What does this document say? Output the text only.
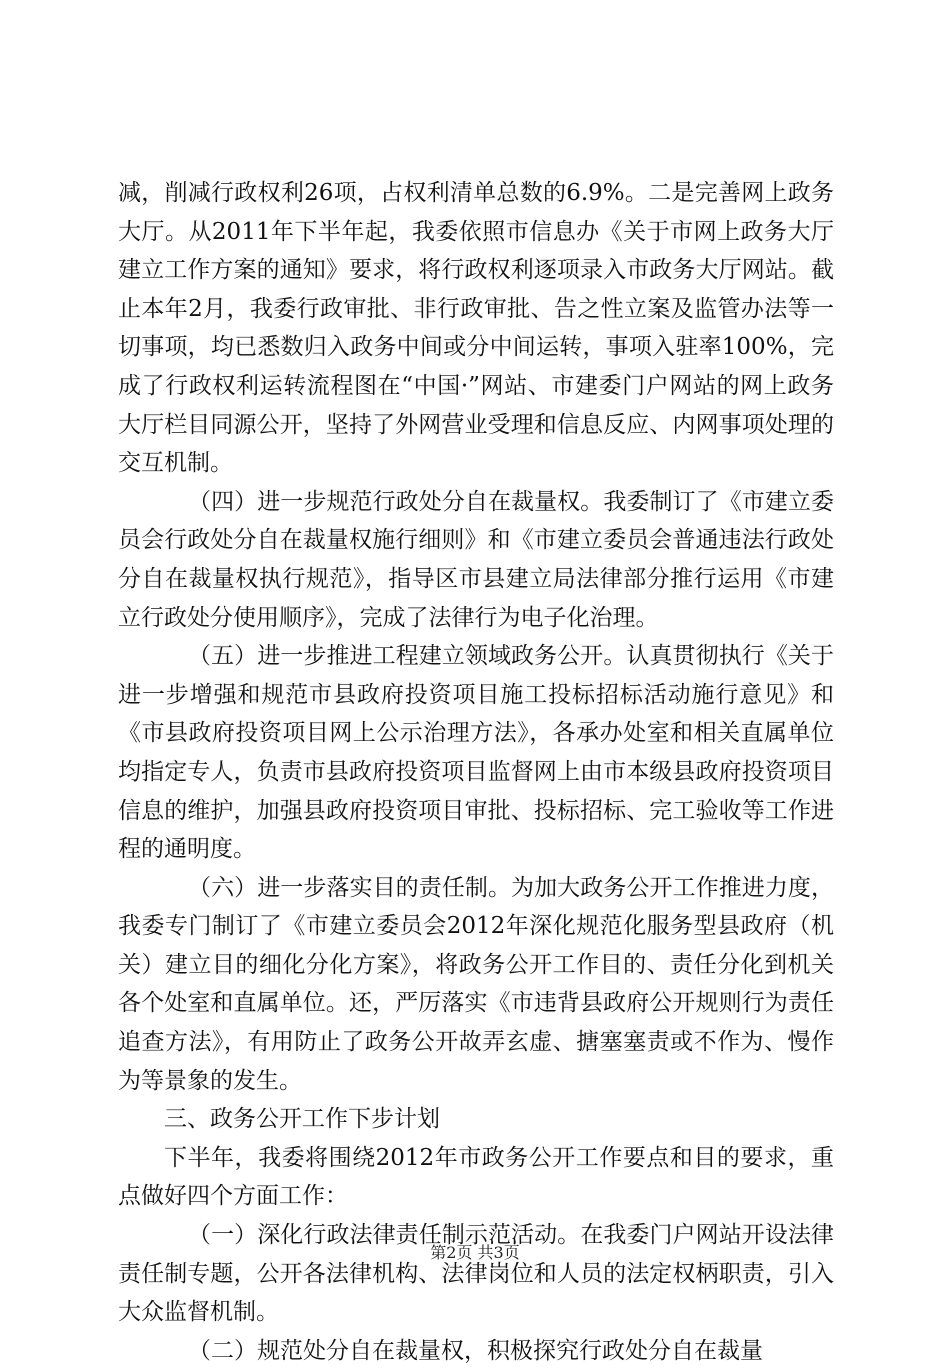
减，削减行政权利26项，占权利清单总数的6.9%。二是完善网上政务大厅。从2011年下半年起，我委依照市信息办《关于市网上政务大厅建立工作方案的通知》要求，将行政权利逐项录入市政务大厅网站。截止本年2月，我委行政审批、非行政审批、告之性立案及监管办法等一切事项，均已悉数归入政务中间或分中间运转，事项入驻率100%，完成了行政权利运转流程图在“中国·”网站、市建委门户网站的网上政务大厅栏目同源公开，坚持了外网营业受理和信息反应、内网事项处理的交互机制。

（四）进一步规范行政处分自在裁量权。我委制订了《市建立委员会行政处分自在裁量权施行细则》和《市建立委员会普通违法行政处分自在裁量权执行规范》，指导区市县建立局法律部分推行运用《市建立行政处分使用顺序》，完成了法律行为电子化治理。

（五）进一步推进工程建立领域政务公开。认真贯彻执行《关于进一步增强和规范市县政府投资项目施工投标招标活动施行意见》和《市县政府投资项目网上公示治理方法》，各承办处室和相关直属单位均指定专人，负责市县政府投资项目监督网上由市本级县政府投资项目信息的维护，加强县政府投资项目审批、投标招标、完工验收等工作进程的通明度。

（六）进一步落实目的责任制。为加大政务公开工作推进力度，我委专门制订了《市建立委员会2012年深化规范化服务型县政府（机关）建立目的细化分化方案》，将政务公开工作目的、责任分化到机关各个处室和直属单位。还，严厉落实《市违背县政府公开规则行为责任追查方法》，有用防止了政务公开故弄玄虚、搪塞塞责或不作为、慢作为等景象的发生。

三、政务公开工作下步计划

下半年，我委将围绕2012年市政务公开工作要点和目的要求，重点做好四个方面工作：

（一）深化行政法律责任制示范活动。在我委门户网站开设法律责任制专题，公开各法律机构、法律岗位和人员的法定权柄职责，引入大众监督机制。

（二）规范处分自在裁量权，积极探究行政处分自在裁量

第2页 共3页
